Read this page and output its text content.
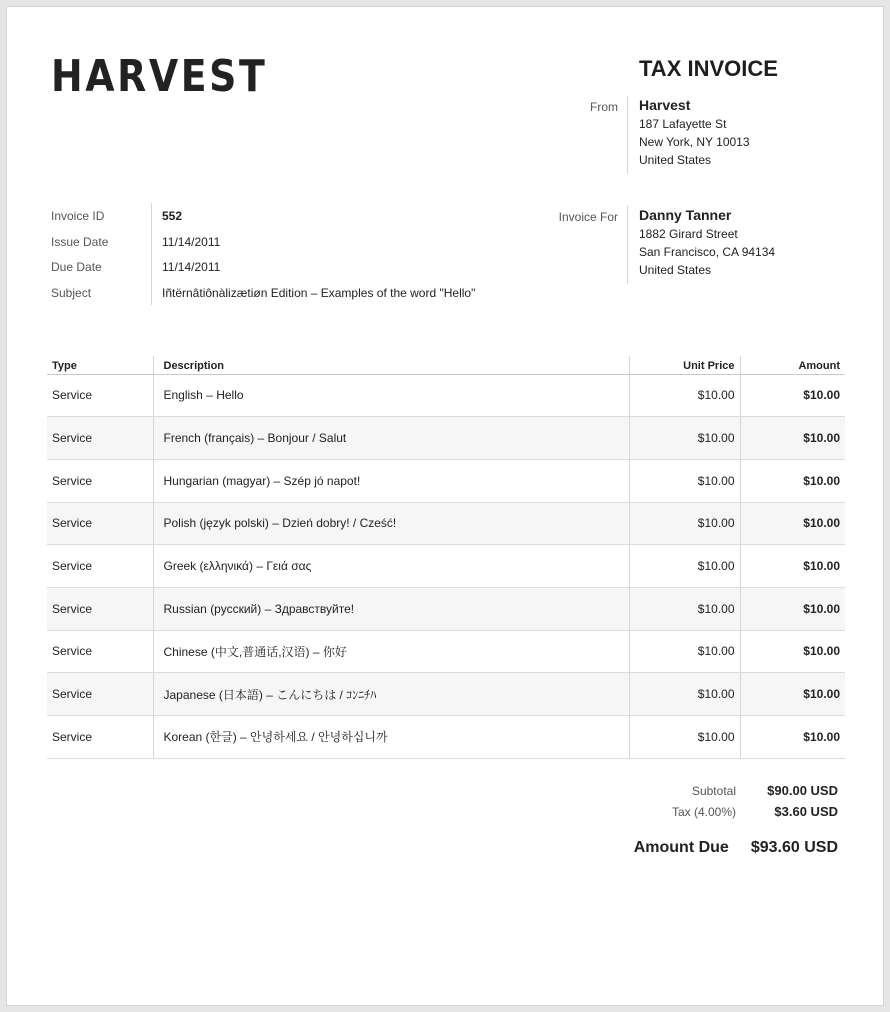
HARVEST	TAX INVOICE
From Harvest
187 Lafayette St
New York, NY 10013
United States
Invoice For Danny Tanner
1882 Girard Street
San Francisco, CA 94134
United States
Invoice ID	552
Issue Date	11/14/2011
Due Date	11/14/2011
Subject	Iñtërnâtiônàlizætiøn Edition – Examples of the word "Hello"
Type	Description	Unit Price	Amount
Service	English – Hello	$10.00	$10.00
Service	French (français) – Bonjour / Salut	$10.00	$10.00
Service	Hungarian (magyar) – Szép jó napot!	$10.00	$10.00
Service	Polish (język polski) – Dzień dobry! / Cześć!	$10.00	$10.00
Service	Greek (ελληνικά) – Γειά σας	$10.00	$10.00
Service	Russian (русский) – Здравствуйте!	$10.00	$10.00
Service	Chinese (中文,普通话,汉语) – 你好	$10.00	$10.00
Service	Japanese (日本語) – こんにちは / ｺﾝﾆﾁﾊ	$10.00	$10.00
Service	Korean (한글) – 안녕하세요 / 안녕하십니까	$10.00	$10.00
Subtotal	$90.00 USD
Tax (4.00%)	$3.60 USD
Amount Due $93.60 USD
